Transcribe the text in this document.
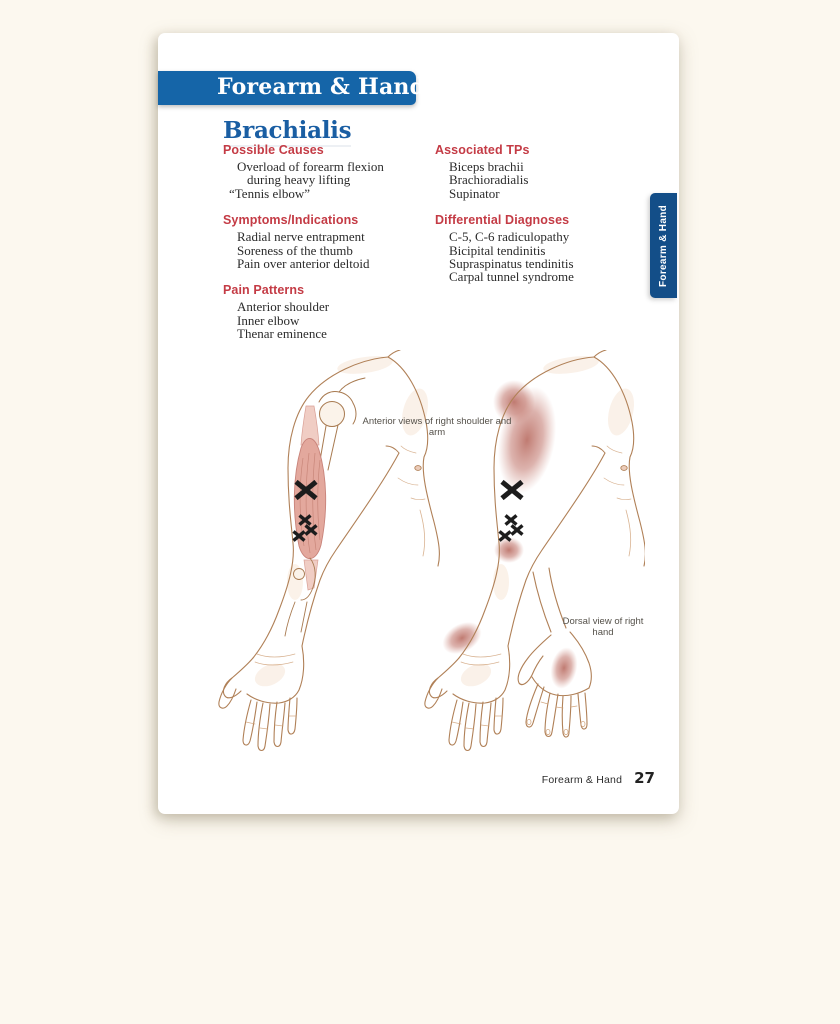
Forearm & Hand
Brachialis
Possible Causes
Overload of forearm flexion
during heavy lifting
“Tennis elbow”
Symptoms/Indications
Radial nerve entrapment
Soreness of the thumb
Pain over anterior deltoid
Pain Patterns
Anterior shoulder
Inner elbow
Thenar eminence
Associated TPs
Biceps brachii
Brachioradialis
Supinator
Differential Diagnoses
C-5, C-6 radiculopathy
Bicipital tendinitis
Supraspinatus tendinitis
Carpal tunnel syndrome	Forearm & Hand
Anterior views of right shoulder and arm
Dorsal view of right hand
Forearm & Hand 27
